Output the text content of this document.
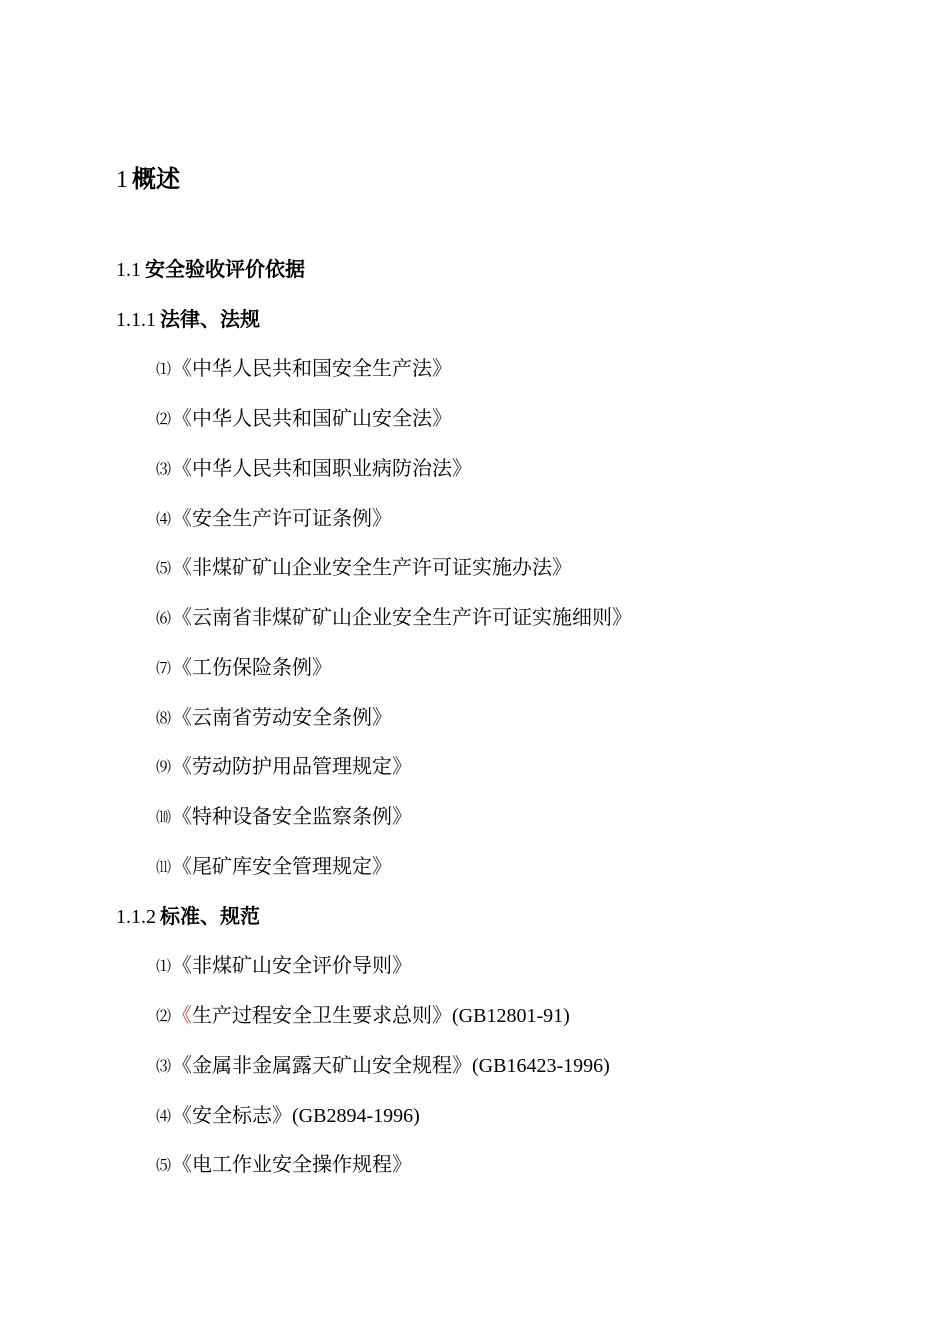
1 概述
1.1 安全验收评价依据
1.1.1 法律、法规
⑴《中华人民共和国安全生产法》
⑵《中华人民共和国矿山安全法》
⑶《中华人民共和国职业病防治法》
⑷《安全生产许可证条例》
⑸《非煤矿矿山企业安全生产许可证实施办法》
⑹《云南省非煤矿矿山企业安全生产许可证实施细则》
⑺《工伤保险条例》
⑻《云南省劳动安全条例》
⑼《劳动防护用品管理规定》
⑽《特种设备安全监察条例》
⑾《尾矿库安全管理规定》
1.1.2 标准、规范
⑴《非煤矿山安全评价导则》
⑵《生产过程安全卫生要求总则》(GB12801-91)
⑶《金属非金属露天矿山安全规程》(GB16423-1996)
⑷《安全标志》(GB2894-1996)
⑸《电工作业安全操作规程》
